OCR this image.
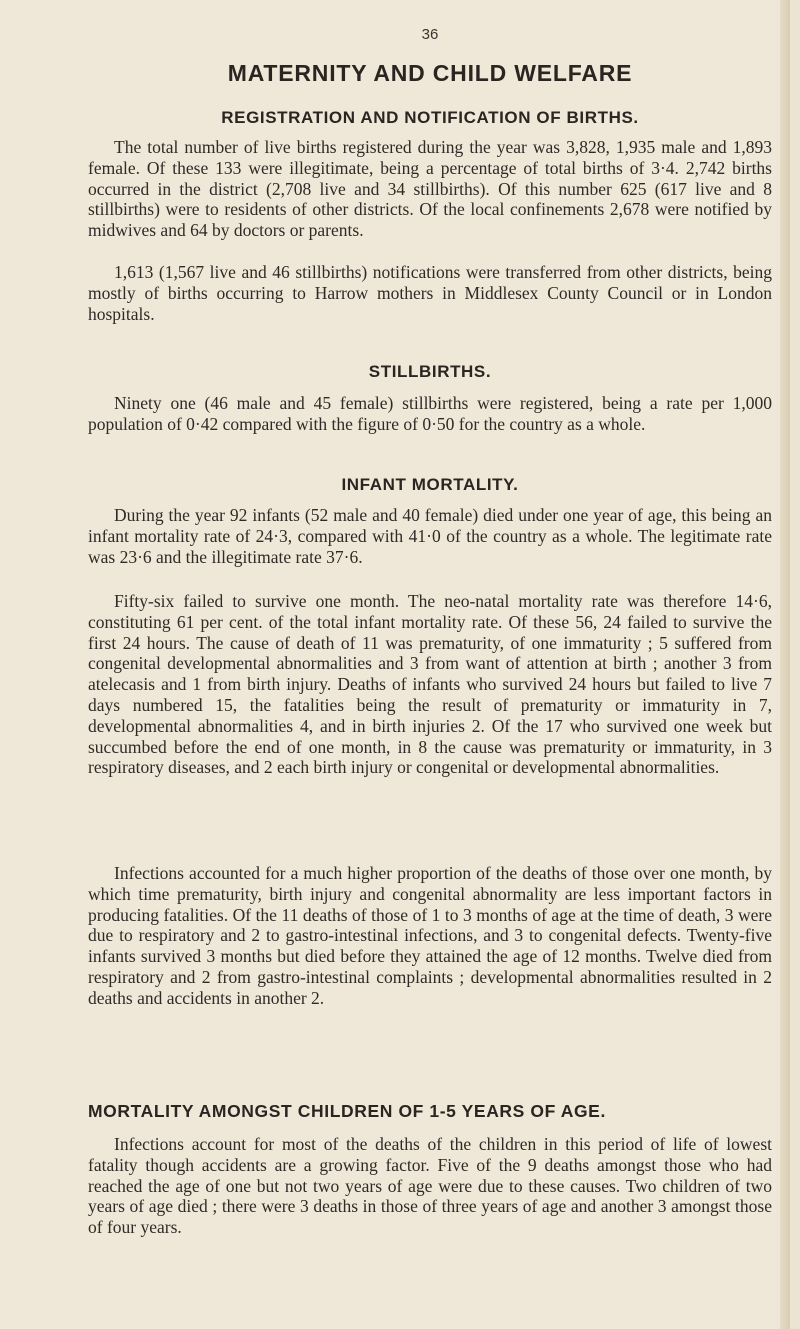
36
MATERNITY AND CHILD WELFARE
REGISTRATION AND NOTIFICATION OF BIRTHS.

The total number of live births registered during the year was 3,828, 1,935 male and 1,893 female. Of these 133 were illegitimate, being a percentage of total births of 3·4. 2,742 births occurred in the district (2,708 live and 34 stillbirths). Of this number 625 (617 live and 8 stillbirths) were to residents of other districts. Of the local confinements 2,678 were notified by midwives and 64 by doctors or parents.

1,613 (1,567 live and 46 stillbirths) notifications were transferred from other districts, being mostly of births occurring to Harrow mothers in Middlesex County Council or in London hospitals.

STILLBIRTHS.

Ninety one (46 male and 45 female) stillbirths were registered, being a rate per 1,000 population of 0·42 compared with the figure of 0·50 for the country as a whole.

INFANT MORTALITY.

During the year 92 infants (52 male and 40 female) died under one year of age, this being an infant mortality rate of 24·3, compared with 41·0 of the country as a whole. The legitimate rate was 23·6 and the illegitimate rate 37·6.

Fifty-six failed to survive one month. The neo-natal mortality rate was therefore 14·6, constituting 61 per cent. of the total infant mortality rate. Of these 56, 24 failed to survive the first 24 hours. The cause of death of 11 was prematurity, of one immaturity ; 5 suffered from congenital developmental abnormalities and 3 from want of attention at birth ; another 3 from atelecasis and 1 from birth injury. Deaths of infants who survived 24 hours but failed to live 7 days numbered 15, the fatalities being the result of prematurity or immaturity in 7, developmental abnormalities 4, and in birth injuries 2. Of the 17 who survived one week but succumbed before the end of one month, in 8 the cause was prematurity or immaturity, in 3 respiratory diseases, and 2 each birth injury or congenital or developmental abnormalities.

Infections accounted for a much higher proportion of the deaths of those over one month, by which time prematurity, birth injury and congenital abnormality are less important factors in producing fatalities. Of the 11 deaths of those of 1 to 3 months of age at the time of death, 3 were due to respiratory and 2 to gastro-intestinal infections, and 3 to congenital defects. Twenty-five infants survived 3 months but died before they attained the age of 12 months. Twelve died from respiratory and 2 from gastro-intestinal complaints ; developmental abnormalities resulted in 2 deaths and accidents in another 2.

MORTALITY AMONGST CHILDREN OF 1-5 YEARS OF AGE.

Infections account for most of the deaths of the children in this period of life of lowest fatality though accidents are a growing factor. Five of the 9 deaths amongst those who had reached the age of one but not two years of age were due to these causes. Two children of two years of age died ; there were 3 deaths in those of three years of age and another 3 amongst those of four years.
